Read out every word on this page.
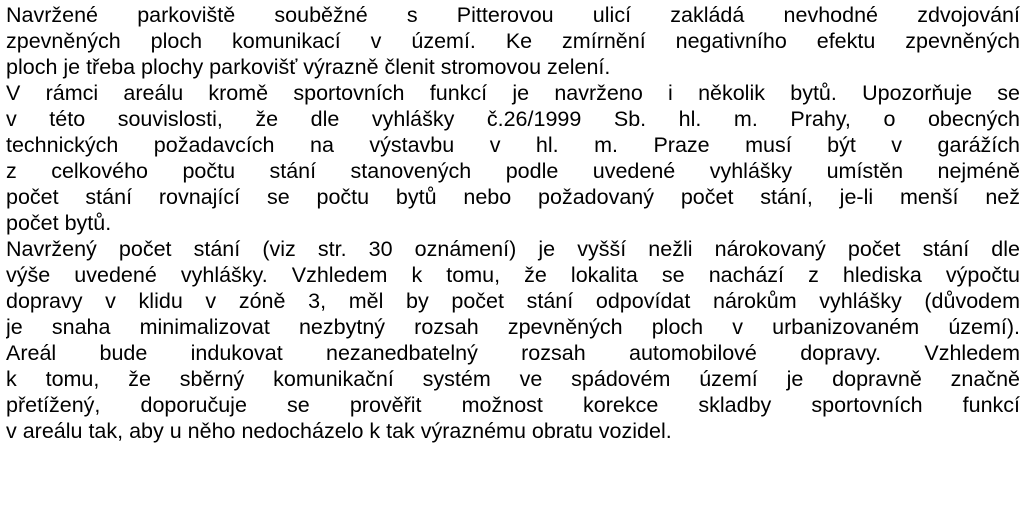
Navržené parkoviště souběžné s Pitterovou ulicí zakládá nevhodné zdvojování
zpevněných ploch komunikací v území. Ke zmírnění negativního efektu zpevněných
ploch je třeba plochy parkovišť výrazně členit stromovou zelení.
V rámci areálu kromě sportovních funkcí je navrženo i několik bytů. Upozorňuje se
v této souvislosti, že dle vyhlášky č.26/1999 Sb. hl. m. Prahy, o obecných
technických požadavcích na výstavbu v hl. m. Praze musí být v garážích
z celkového počtu stání stanovených podle uvedené vyhlášky umístěn nejméně
počet stání rovnající se počtu bytů nebo požadovaný počet stání, je-li menší než
počet bytů.
Navržený počet stání (viz str. 30 oznámení) je vyšší nežli nárokovaný počet stání dle
výše uvedené vyhlášky. Vzhledem k tomu, že lokalita se nachází z hlediska výpočtu
dopravy v klidu v zóně 3, měl by počet stání odpovídat nárokům vyhlášky (důvodem
je snaha minimalizovat nezbytný rozsah zpevněných ploch v urbanizovaném území).
Areál bude indukovat nezanedbatelný rozsah automobilové dopravy. Vzhledem
k tomu, že sběrný komunikační systém ve spádovém území je dopravně značně
přetížený, doporučuje se prověřit možnost korekce skladby sportovních funkcí
v areálu tak, aby u něho nedocházelo k tak výraznému obratu vozidel.
